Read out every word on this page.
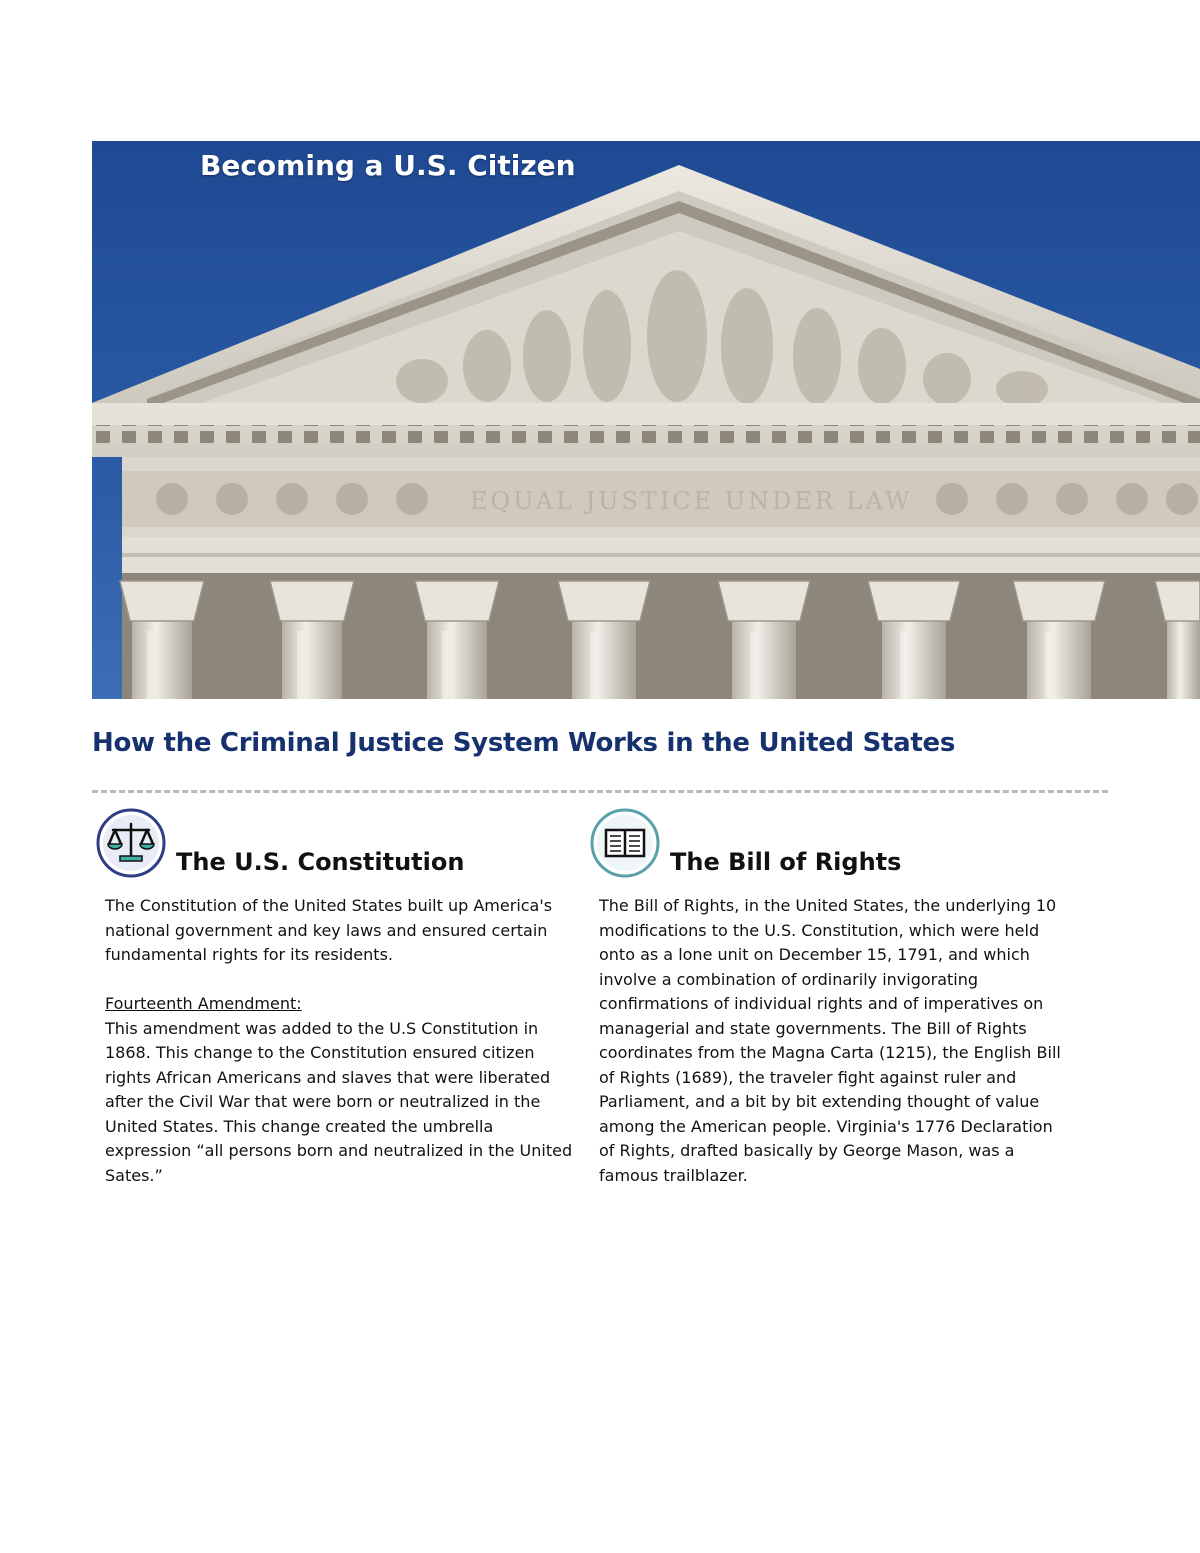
EQUAL JUSTICE UNDER LAW
Becoming a U.S. Citizen
How the Criminal Justice System Works in the United States
The U.S. Constitution

The Constitution of the United States built up America's national government and key laws and ensured certain fundamental rights for its residents.

Fourteenth Amendment:

This amendment was added to the U.S Constitution in 1868. This change to the Constitution ensured citizen rights African Americans and slaves that were liberated after the Civil War that were born or neutralized in the United States. This change created the umbrella expression “all persons born and neutralized in the United Sates.”

The Bill of Rights

The Bill of Rights, in the United States, the underlying 10 modifications to the U.S. Constitution, which were held onto as a lone unit on December 15, 1791, and which involve a combination of ordinarily invigorating confirmations of individual rights and of imperatives on managerial and state governments. The Bill of Rights coordinates from the Magna Carta (1215), the English Bill of Rights (1689), the traveler fight against ruler and Parliament, and a bit by bit extending thought of value among the American people. Virginia's 1776 Declaration of Rights, drafted basically by George Mason, was a famous trailblazer.
